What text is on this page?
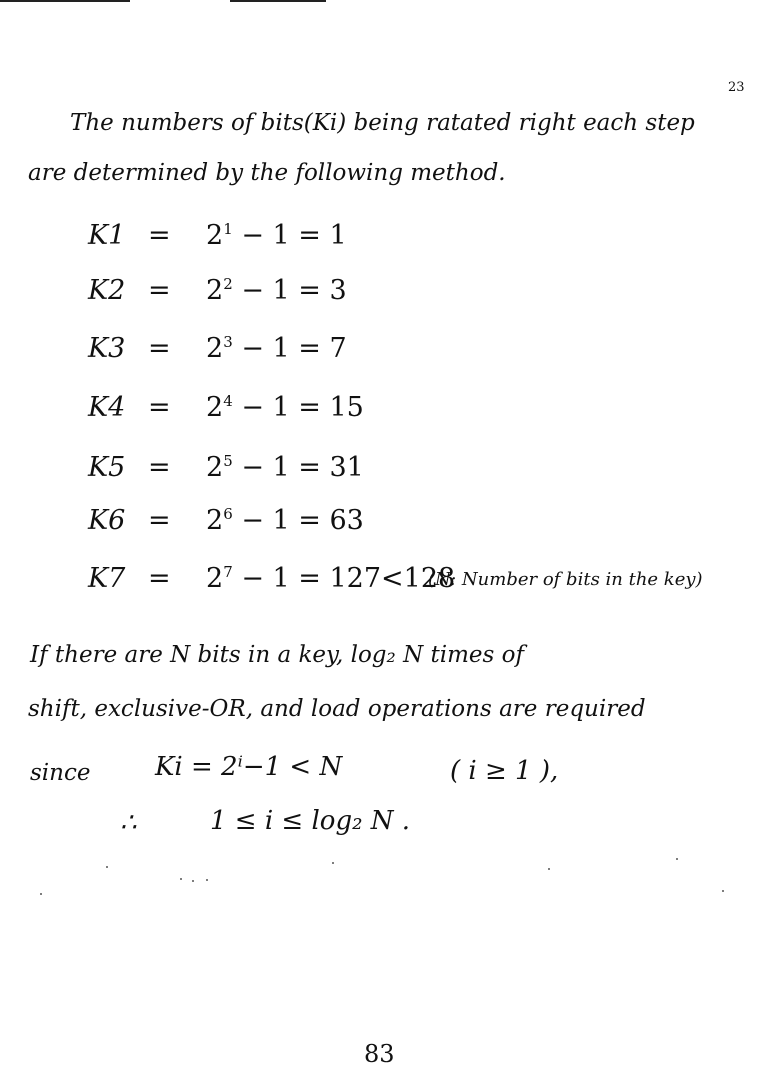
23
The numbers of bits(Ki) being ratated right each step
are determined by the following method.
$K1 = 2^1 - 1 = 1$
$K2 = 2^2 - 1 = 3$
$K3 = 2^3 - 1 = 7$
$K4 = 2^4 - 1 = 15$
$K5 = 2^5 - 1 = 31$
$K6 = 2^6 - 1 = 63$
$K7 = 2^7 - 1 = 127<128$
(N: Number of bits in the key)
If there are N bits in a key, log₂ N times of
shift, exclusive-OR, and load operations are required
since Ki = 2ⁱ−1 < N	( i ≥ 1 ),
∴	1 ≤ i ≤ log₂ N .
83
